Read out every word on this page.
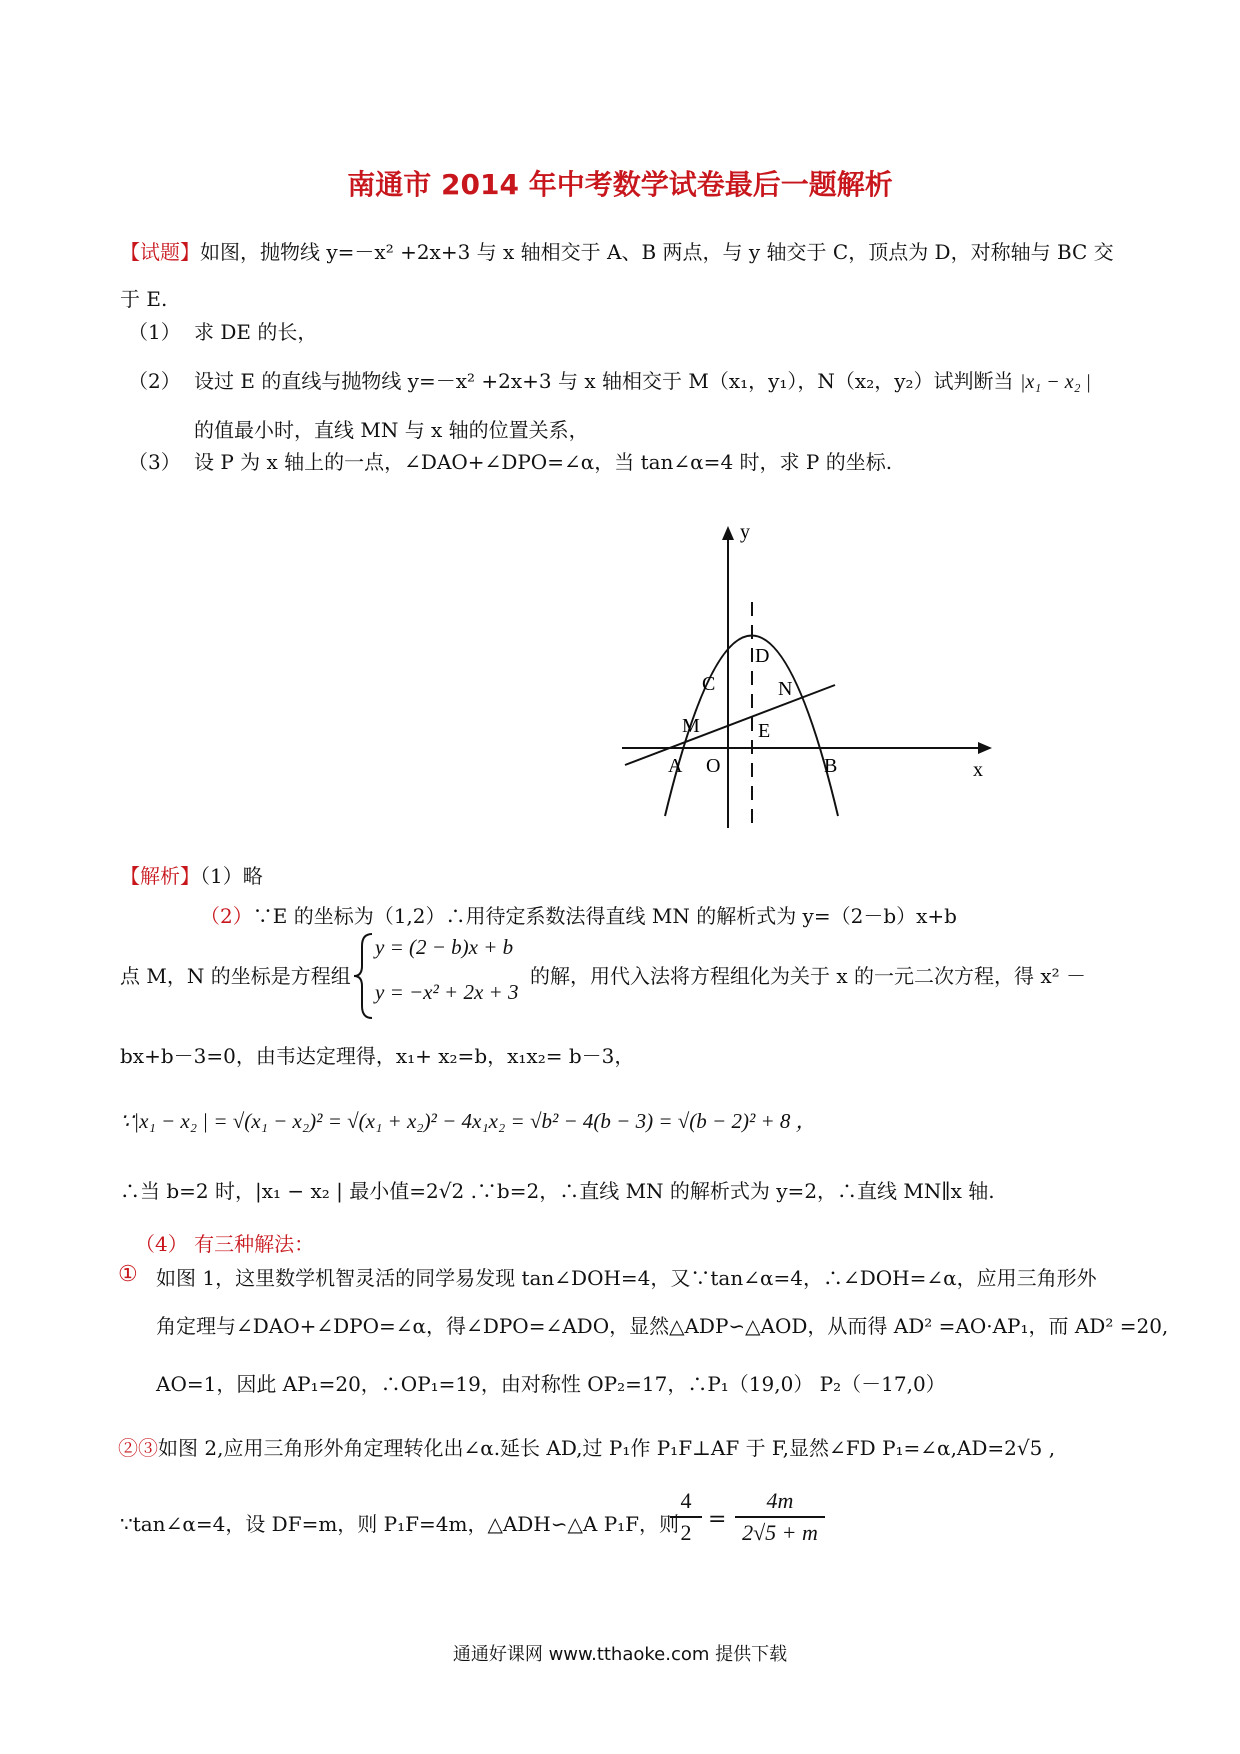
南通市 2014 年中考数学试卷最后一题解析
【试题】如图，抛物线 y=－x² +2x+3 与 x 轴相交于 A、B 两点，与 y 轴交于 C，顶点为 D，对称轴与 BC 交
于 E.
（1） 求 DE 的长，
（2） 设过 E 的直线与抛物线 y=－x² +2x+3 与 x 轴相交于 M（x₁，y₁），N（x₂，y₂）试判断当 |x₁ − x₂ |
的值最小时，直线 MN 与 x 轴的位置关系，
（3） 设 P 为 x 轴上的一点，∠DAO+∠DPO=∠α，当 tan∠α=4 时，求 P 的坐标.
y
x
D
C	N
M	E
A O	B
【解析】（1）略
（2）∵E 的坐标为（1,2）∴用待定系数法得直线 MN 的解析式为 y=（2－b）x+b
点 M，N 的坐标是方程组
y = (2 − b)x + b
y = −x² + 2x + 3
的解，用代入法将方程组化为关于 x 的一元二次方程，得 x² －
bx+b－3=0，由韦达定理得，x₁+ x₂=b，x₁x₂= b－3，
∵|x₁ − x₂ | = √(x₁ − x₂)² = √(x₁ + x₂)² − 4x₁x₂ = √b² − 4(b − 3) = √(b − 2)² + 8 ，
∴当 b=2 时，|x₁ − x₂ | 最小值=2√2 .∵b=2，∴直线 MN 的解析式为 y=2，∴直线 MN∥x 轴.
（4） 有三种解法：
① 如图 1，这里数学机智灵活的同学易发现 tan∠DOH=4，又∵tan∠α=4，∴∠DOH=∠α，应用三角形外
角定理与∠DAO+∠DPO=∠α，得∠DPO=∠ADO，显然△ADP∽△AOD，从而得 AD² =AO·AP₁，而 AD² =20,
AO=1，因此 AP₁=20，∴OP₁=19，由对称性 OP₂=17，∴P₁（19,0） P₂（－17,0）
②③如图 2,应用三角形外角定理转化出∠α.延长 AD,过 P₁作 P₁F⊥AF 于 F,显然∠FD P₁=∠α,AD=2√5 ,
∵tan∠α=4，设 DF=m，则 P₁F=4m，△ADH∽△A P₁F，则
4
2
=
4m
2√5 + m
通通好课网 www.tthaoke.com 提供下载
